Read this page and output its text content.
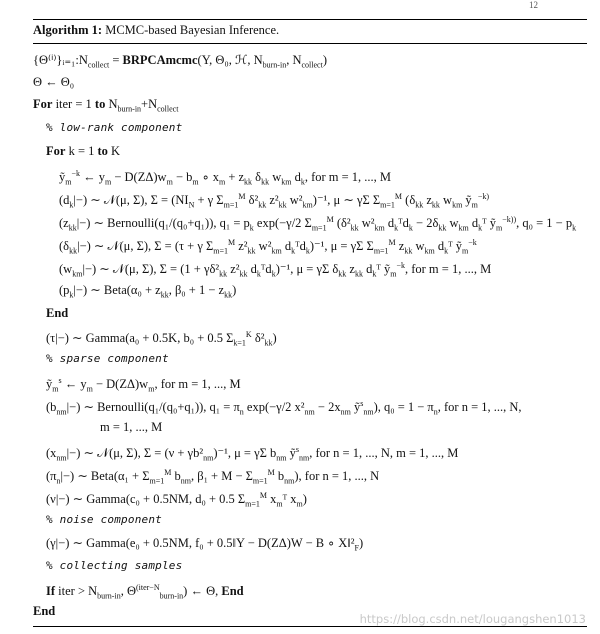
12
Algorithm 1: MCMC-based Bayesian Inference.
$\{\Theta^{(i)}\}ᵢ_{=1}:N_{collect}$ = BRPCAmcmc(Y, Θ₀, ℋ, $N_{burn-in}$, $N_{collect}$)
Θ ← Θ₀
For iter = 1 to $N_{burn-in}+N_{collect}$
% low-rank component
For k = 1 to K
ỹ$_m^{-k}$ ← $y_m - D(Z\Delta)w_m - b_m$ ∘ $x_m + z_{kk}$ $\delta_{kk}$ $w_{km}$ $d_k$, for m = 1, ..., M
$(d_k|-)$ ∼ 𝒩(μ, Σ), $\Sigma = (NI_N + \gamma$ $\Sigma_{m=1}^M$ $\delta^2_{kk}$ $z^2_{kk}$ $w^2_{km})^{-1}$, μ ∼ γΣ $\Sigma_{m=1}^M$ ($\delta_{kk}$ $z_{kk}$ $w_{km}$ ỹ$_m^{-k)}$
$(z_{kk}|-)$ ∼ Bernoulli(q₁/(q₀+q₁)), $q_1 = p_k$ exp(−γ/2 $\Sigma_{m=1}^M$ ($\delta^2_{kk}$ $w^2_{km}$ $d_kᵀd_k - 2\delta_{kk}$ $w_{km}$ $d_kᵀ$ ỹ$_m^{-k))}$, $q_0 = 1 - p_k$
$(\delta_{kk}|-)$ ∼ 𝒩(μ, Σ), Σ = (τ + γ $\Sigma_{m=1}^M$ $z^2_{kk}$ $w^2_{km}$ $d_kᵀd_k)^{-1}$, μ = γΣ $\Sigma_{m=1}^M$ $z_{kk}$ $w_{km}$ $d_kᵀ$ ỹ$_m^{-k}$
$(w_{km}|-)$ ∼ 𝒩(μ, Σ), $\Sigma = (1 + \gamma\delta^2_{kk}$ $z^2_{kk}$ $d_kᵀd_k)^{-1}$, μ = γΣ $\delta_{kk}$ $z_{kk}$ $d_kᵀ$ ỹ$_m^{-k}$, for m = 1, ..., M
$(p_k|-)$ ∼ Beta(α₀ + $z_{kk}$, $\beta_0 + 1 - z_{kk}$)
End
(τ|−) ∼ Gamma(a₀ + 0.5K, b₀ + 0.5 $\Sigma_{k=1}^K$ $\delta^2_{kk}$)
% sparse component
ỹ$_m^s$ ← $y_m - D(Z\Delta)w_m$, for m = 1, ..., M
$(b_{nm}|-)$ ∼ Bernoulli(q₁/(q₀+q₁)), $q_1 = \pi_n$ exp(−γ/2 $x^2_{nm} - 2x_{nm}$ ỹ$^s_{nm}$), $q_0 = 1 - \pi_n$, for n = 1, ..., N,
m = 1, ..., M
$(x_{nm}|-)$ ∼ 𝒩(μ, Σ), $\Sigma = (\nu + \gamma b^2_{nm})^{-1}$, μ = γΣ $b_{nm}$ ỹ$^s_{nm}$, for n = 1, ..., N, m = 1, ..., M
$(\pi_n|-)$ ∼ Beta(α₁ + $\Sigma_{m=1}^M$ $b_{nm}$, $\beta_1 + M - \Sigma_{m=1}^M$ $b_{nm}$), for n = 1, ..., N
(ν|−) ∼ Gamma(c₀ + 0.5NM, d₀ + 0.5 $\Sigma_{m=1}^M$ $x_mᵀ$ $x_m$)
% noise component
(γ|−) ∼ Gamma(e₀ + 0.5NM, f₀ + 0.5‖Y − D(ZΔ)W − B ∘ $X‖^2_F$)
% collecting samples
If iter > $N_{burn-in}$, $\Theta^{(iter-N}_{burn-in}$) ← Θ, End
End
https://blog.csdn.net/lougangshen1013
